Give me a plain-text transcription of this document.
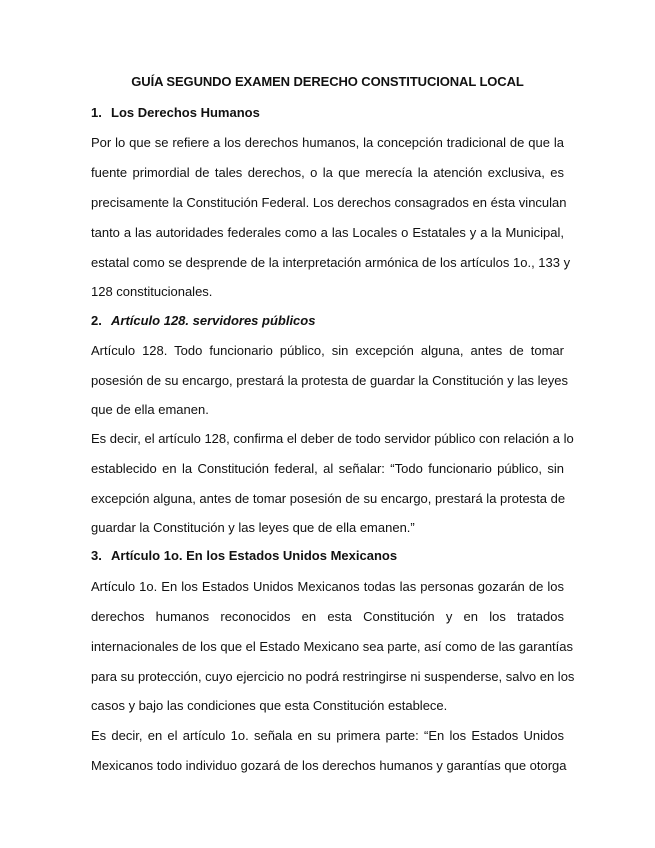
GUÍA SEGUNDO EXAMEN DERECHO CONSTITUCIONAL LOCAL
1. Los Derechos Humanos

Por lo que se refiere a los derechos humanos, la concepción tradicional de que la

fuente primordial de tales derechos, o la que merecía la atención exclusiva, es

precisamente la Constitución Federal. Los derechos consagrados en ésta vinculan

tanto a las autoridades federales como a las Locales o Estatales y a la Municipal,

estatal como se desprende de la interpretación armónica de los artículos 1o., 133 y

128 constitucionales.

2. Artículo 128. servidores públicos

Artículo 128. Todo funcionario público, sin excepción alguna, antes de tomar

posesión de su encargo, prestará la protesta de guardar la Constitución y las leyes

que de ella emanen.

Es decir, el artículo 128, confirma el deber de todo servidor público con relación a lo

establecido en la Constitución federal, al señalar: “Todo funcionario público, sin

excepción alguna, antes de tomar posesión de su encargo, prestará la protesta de

guardar la Constitución y las leyes que de ella emanen.”

3. Artículo 1o. En los Estados Unidos Mexicanos

Artículo 1o. En los Estados Unidos Mexicanos todas las personas gozarán de los

derechos humanos reconocidos en esta Constitución y en los tratados

internacionales de los que el Estado Mexicano sea parte, así como de las garantías

para su protección, cuyo ejercicio no podrá restringirse ni suspenderse, salvo en los

casos y bajo las condiciones que esta Constitución establece.

Es decir, en el artículo 1o. señala en su primera parte: “En los Estados Unidos

Mexicanos todo individuo gozará de los derechos humanos y garantías que otorga
